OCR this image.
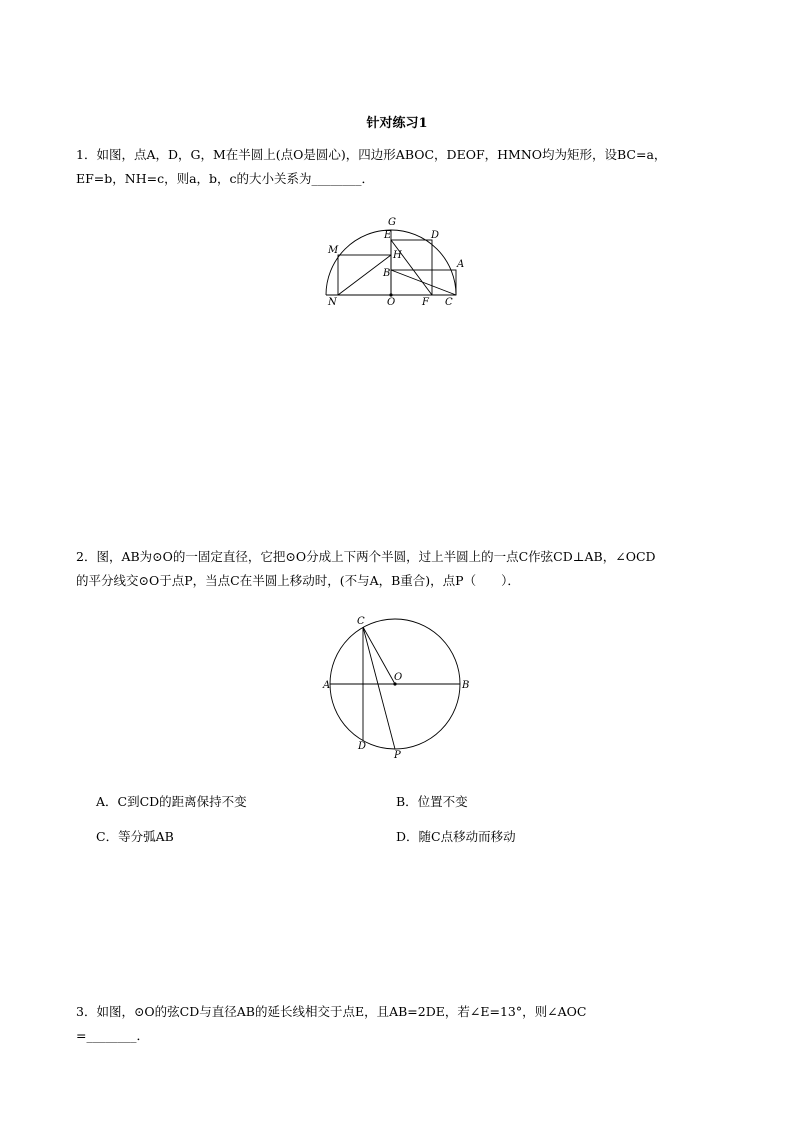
针对练习1
1．如图，点A，D，G，M在半圆上(点O是圆心)，四边形ABOC，DEOF，HMNO均为矩形，设BC=a，
EF=b，NH=c，则a，b，c的大小关系为________．
G
E	D
M	H
A
B
N	O	F C
2．图，AB为⊙O的一固定直径，它把⊙O分成上下两个半圆，过上半圆上的一点C作弦CD⊥AB，∠OCD
的平分线交⊙O于点P，当点C在半圆上移动时，(不与A，B重合)，点P（　　）．
C
O
A	B
D
P
A．C到CD的距离保持不变	B．位置不变
C．等分弧AB	D．随C点移动而移动
3．如图，⊙O的弦CD与直径AB的延长线相交于点E，且AB=2DE，若∠E=13°，则∠AOC
=________．
